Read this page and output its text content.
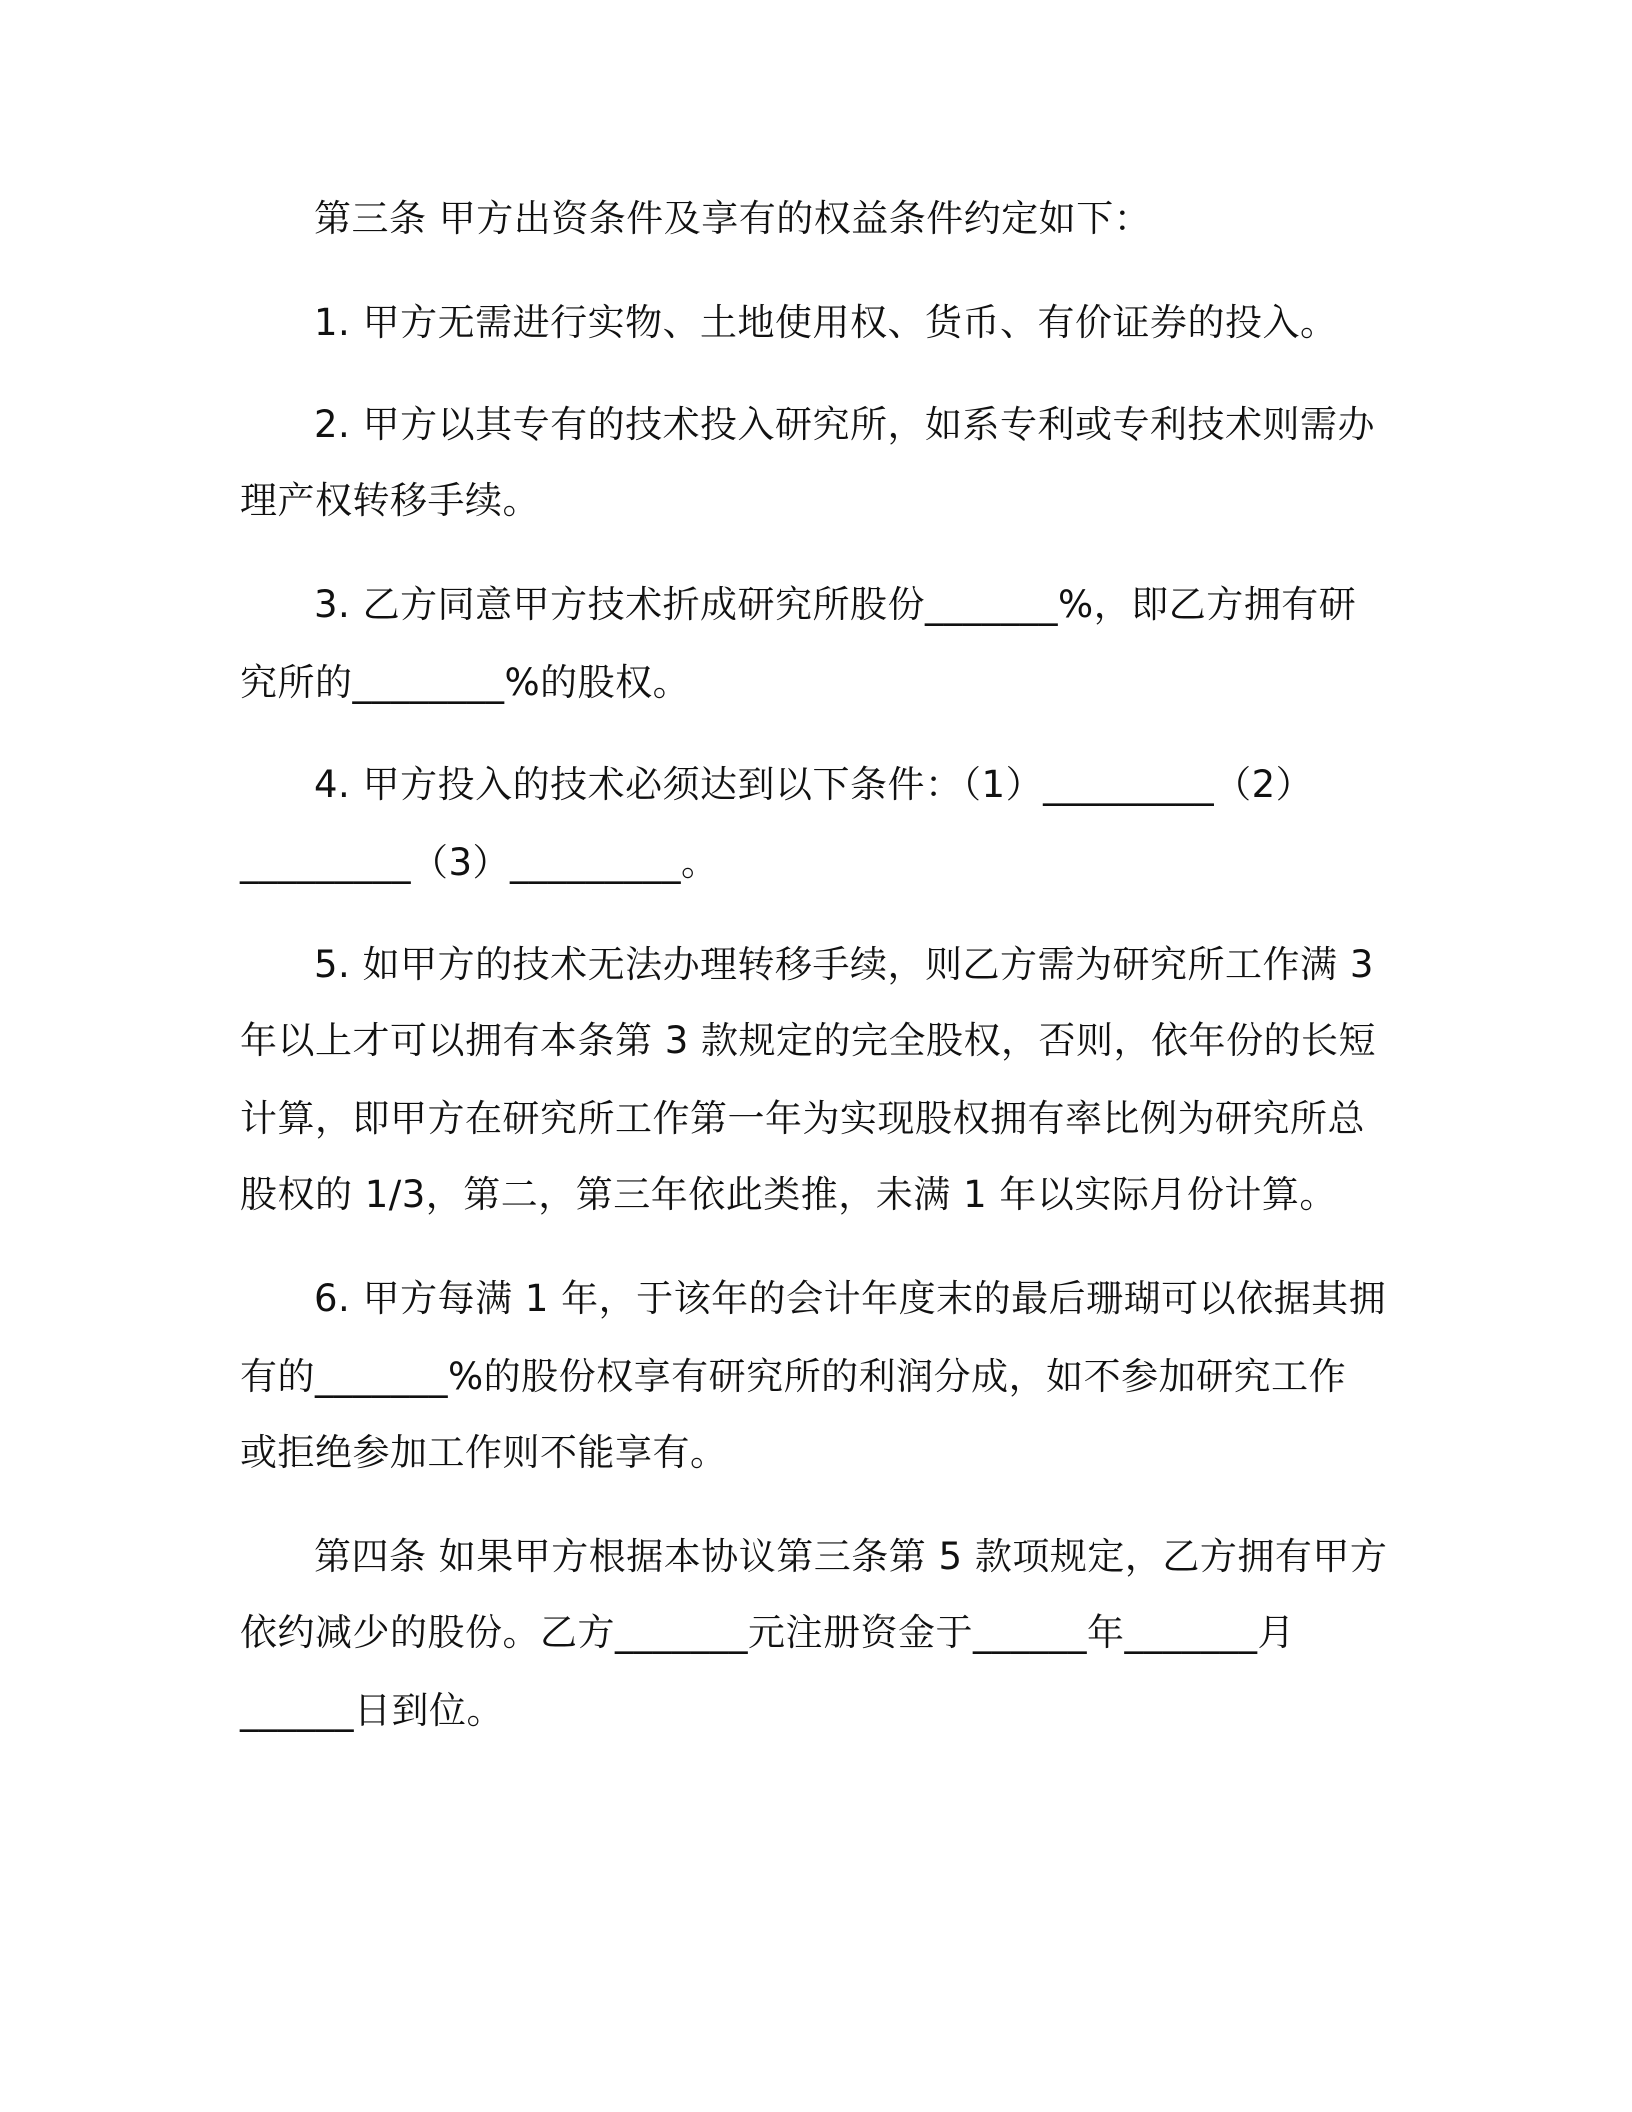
第三条 甲方出资条件及享有的权益条件约定如下：
1. 甲方无需进行实物、土地使用权、货币、有价证券的投入。
2. 甲方以其专有的技术投入研究所，如系专利或专利技术则需办
理产权转移手续。
3. 乙方同意甲方技术折成研究所股份_______%，即乙方拥有研
究所的________%的股权。
4. 甲方投入的技术必须达到以下条件：（1）_________（2）
_________（3）_________。
5. 如甲方的技术无法办理转移手续，则乙方需为研究所工作满 3
年以上才可以拥有本条第 3 款规定的完全股权，否则，依年份的长短
计算，即甲方在研究所工作第一年为实现股权拥有率比例为研究所总
股权的 1/3，第二，第三年依此类推，未满 1 年以实际月份计算。
6. 甲方每满 1 年，于该年的会计年度末的最后珊瑚可以依据其拥
有的_______%的股份权享有研究所的利润分成，如不参加研究工作
或拒绝参加工作则不能享有。
第四条 如果甲方根据本协议第三条第 5 款项规定，乙方拥有甲方
依约减少的股份。乙方_______元注册资金于______年_______月
______日到位。
